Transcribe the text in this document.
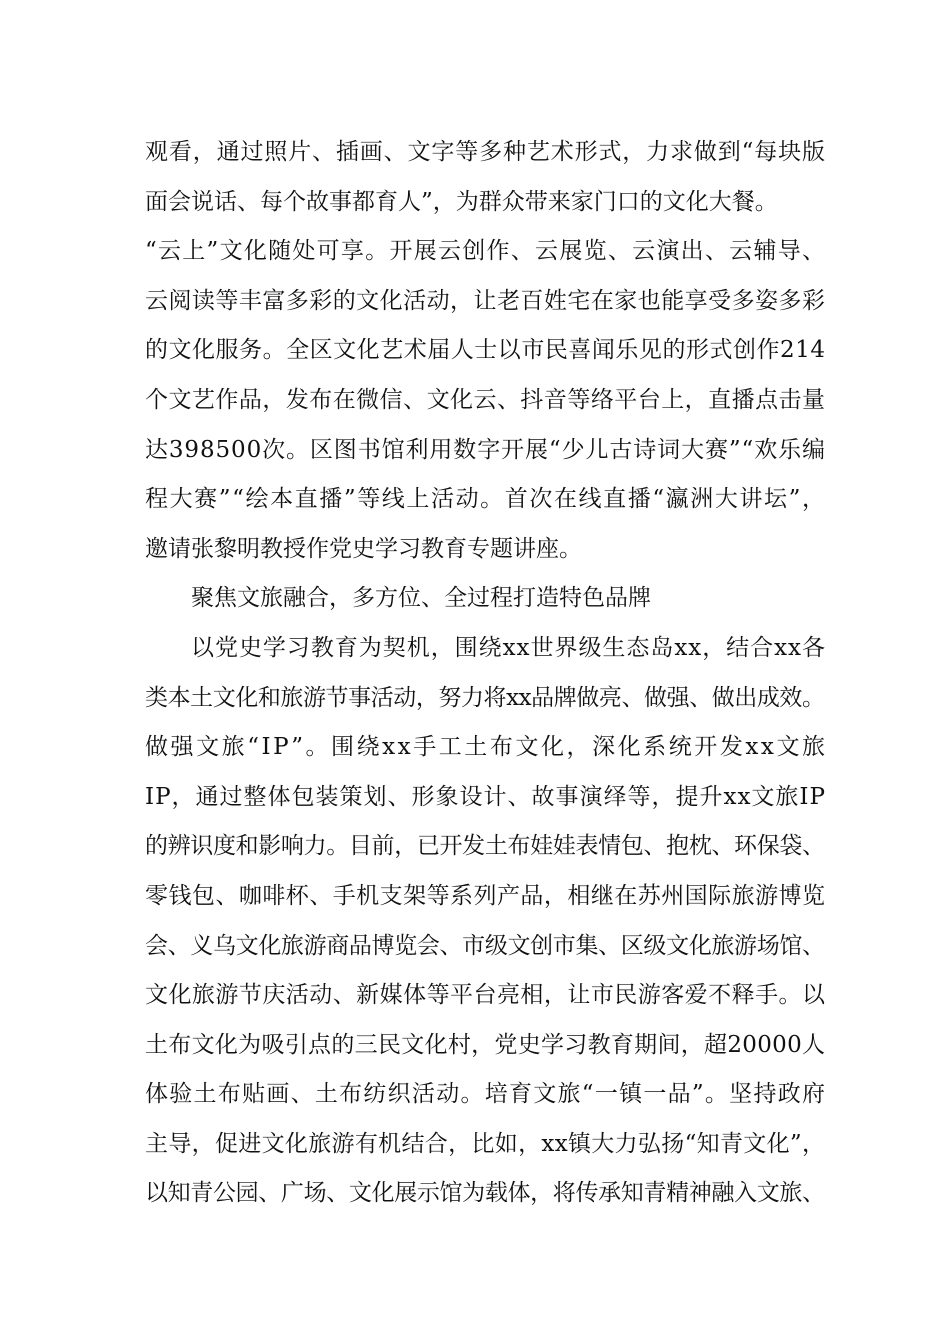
观看，通过照片、插画、文字等多种艺术形式，力求做到“每块版
面会说话、每个故事都育人”，为群众带来家门口的文化大餐。
“云上”文化随处可享。开展云创作、云展览、云演出、云辅导、
云阅读等丰富多彩的文化活动，让老百姓宅在家也能享受多姿多彩
的文化服务。全区文化艺术届人士以市民喜闻乐见的形式创作214
个文艺作品，发布在微信、文化云、抖音等络平台上，直播点击量
达398500次。区图书馆利用数字开展“少儿古诗词大赛”“欢乐编
程大赛”“绘本直播”等线上活动。首次在线直播“瀛洲大讲坛”，
邀请张黎明教授作党史学习教育专题讲座。
聚焦文旅融合，多方位、全过程打造特色品牌
以党史学习教育为契机，围绕xx世界级生态岛xx，结合xx各
类本土文化和旅游节事活动，努力将xx品牌做亮、做强、做出成效。
做强文旅“IP”。围绕xx手工土布文化，深化系统开发xx文旅
IP，通过整体包装策划、形象设计、故事演绎等，提升xx文旅IP
的辨识度和影响力。目前，已开发土布娃娃表情包、抱枕、环保袋、
零钱包、咖啡杯、手机支架等系列产品，相继在苏州国际旅游博览
会、义乌文化旅游商品博览会、市级文创市集、区级文化旅游场馆、
文化旅游节庆活动、新媒体等平台亮相，让市民游客爱不释手。以
土布文化为吸引点的三民文化村，党史学习教育期间，超20000人
体验土布贴画、土布纺织活动。培育文旅“一镇一品”。坚持政府
主导，促进文化旅游有机结合，比如，xx镇大力弘扬“知青文化”，
以知青公园、广场、文化展示馆为载体，将传承知青精神融入文旅、
